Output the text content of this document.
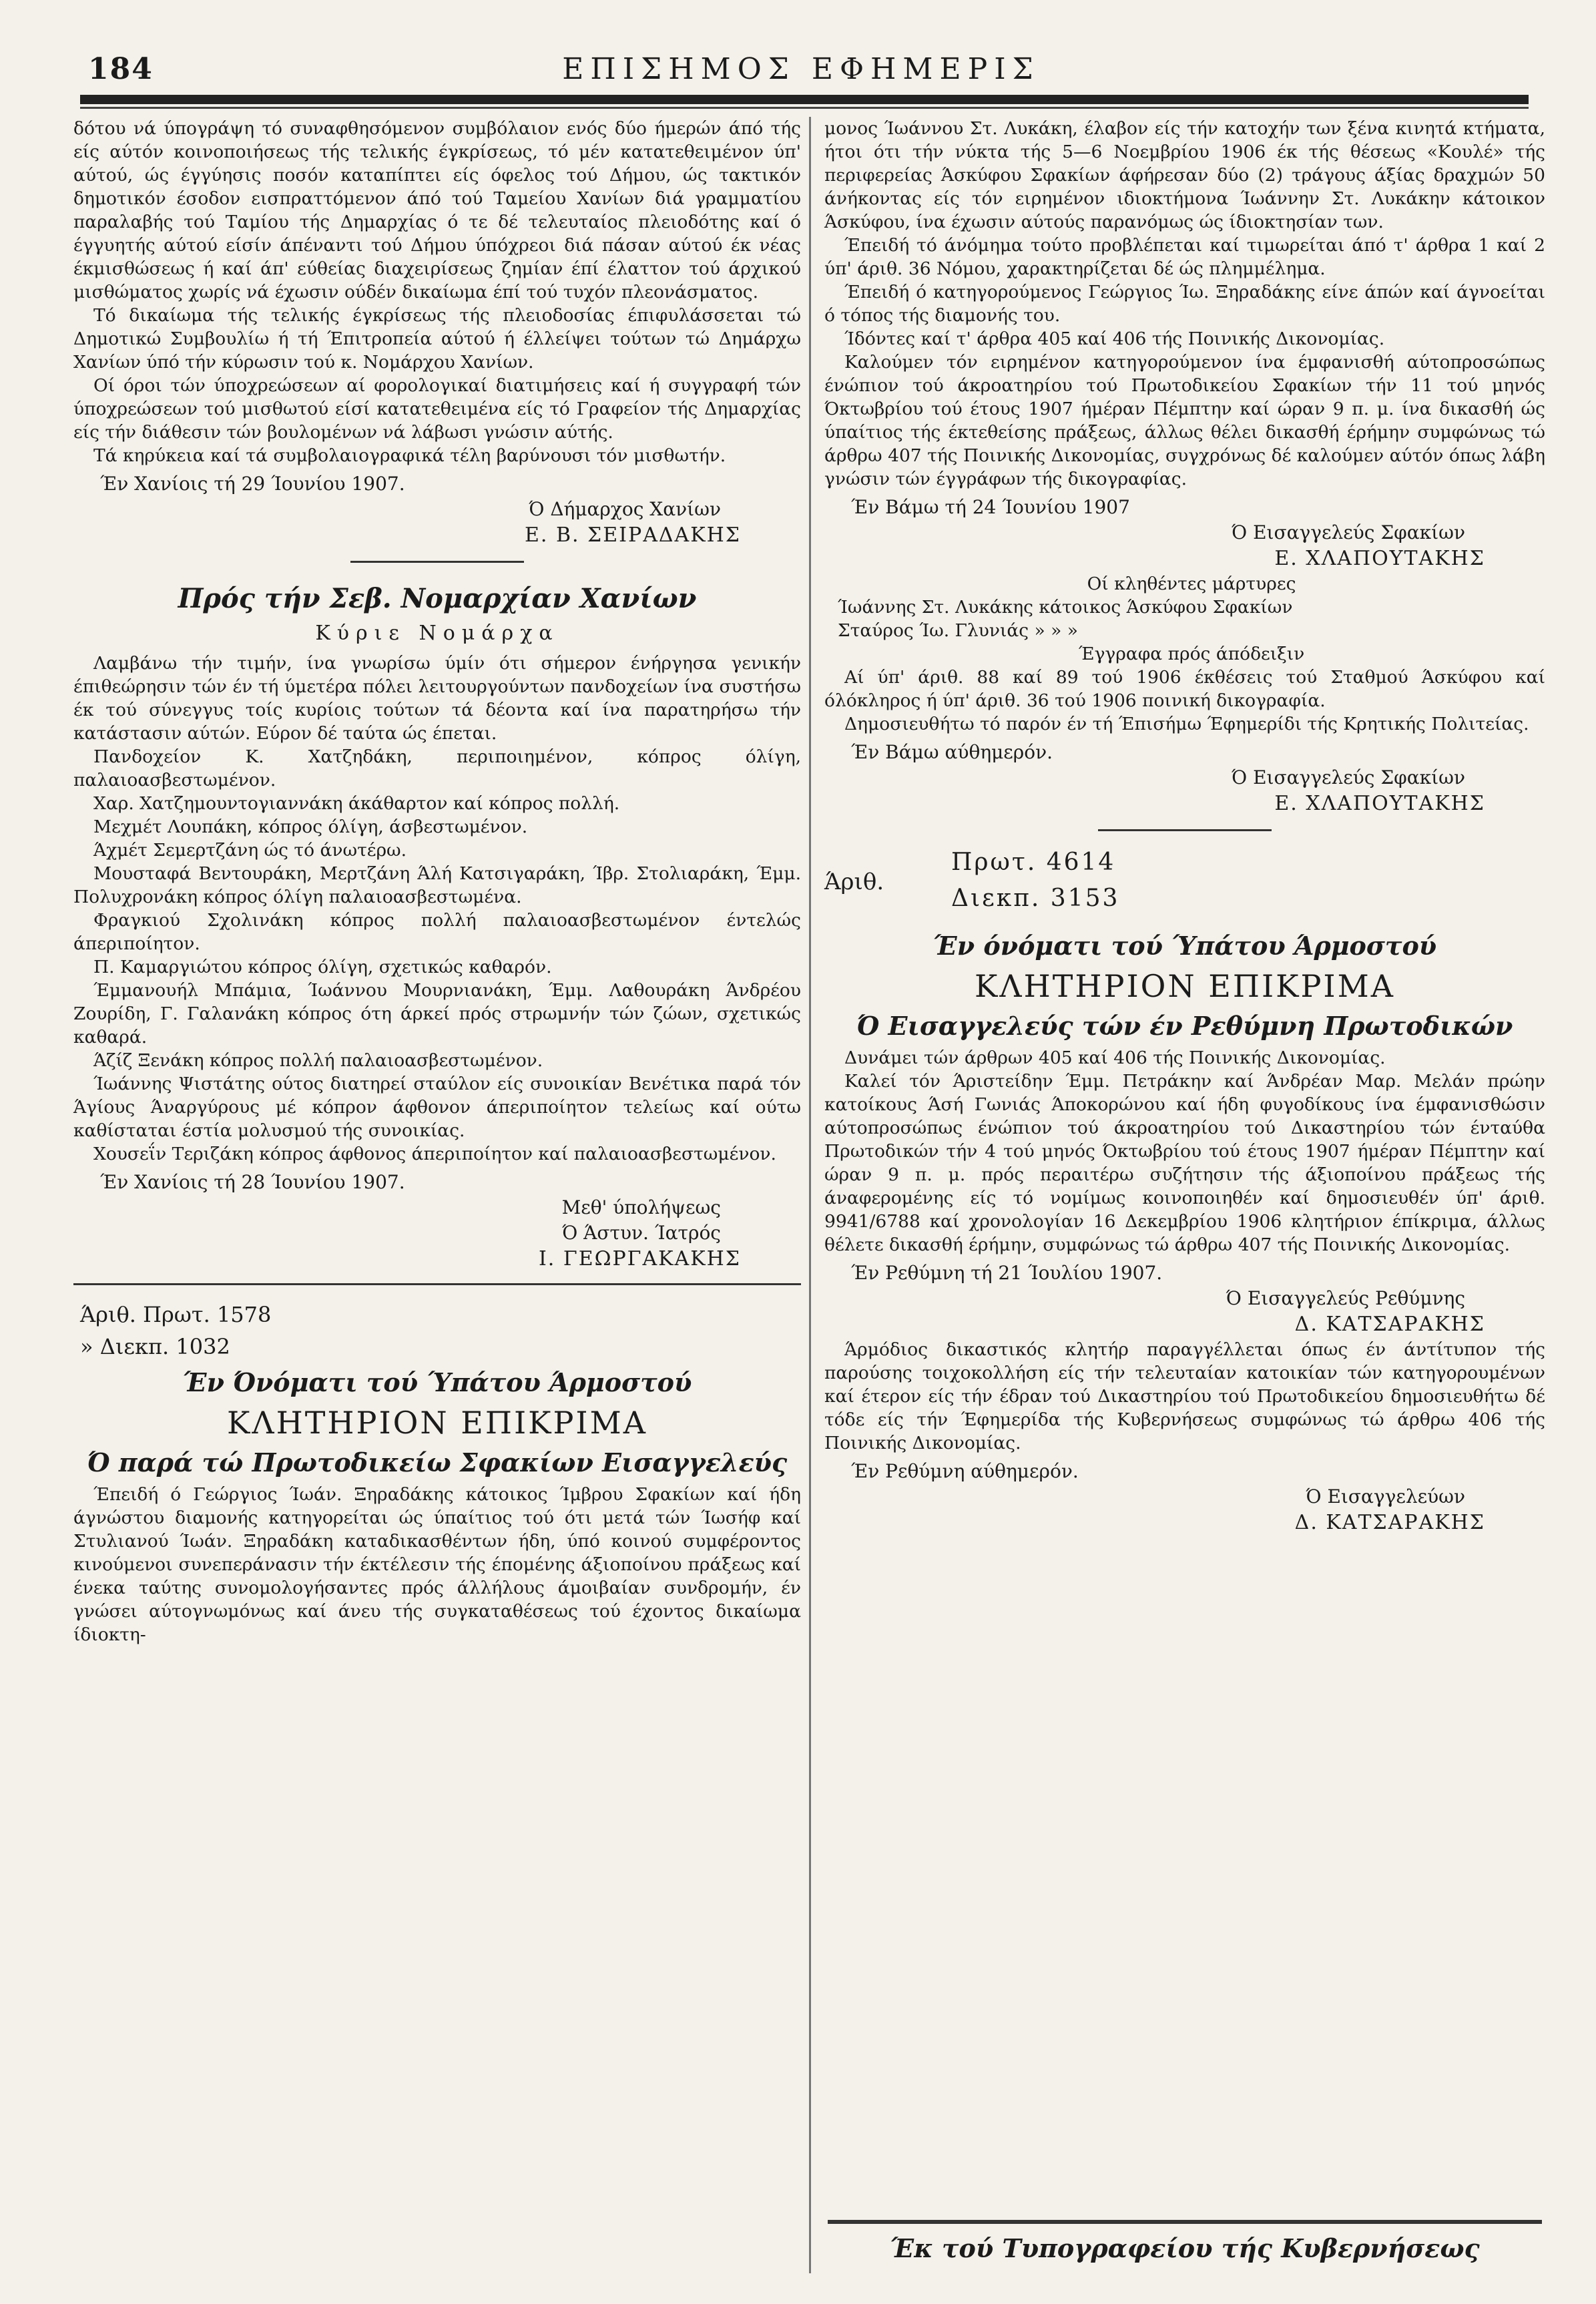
184	ΕΠΙΣΗΜΟΣ ΕΦΗΜΕΡΙΣ

δότου νά ύπογράψη τό συναφθησόμενον συμβόλαιον ενός δύο ήμερών άπό τής είς αύτόν κοινοποιήσεως τής τελικής έγκρίσεως, τό μέν κατατεθειμένον ύπ' αύτού, ώς έγγύησις ποσόν καταπίπτει είς όφελος τού Δήμου, ώς τακτικόν δημοτικόν έσοδον εισπραττόμενον άπό τού Ταμείου Χανίων διά γραμματίου παραλαβής τού Ταμίου τής Δημαρχίας ό τε δέ τελευταίος πλειοδότης καί ό έγγυητής αύτού είσίν άπέναντι τού Δήμου ύπόχρεοι διά πάσαν αύτού έκ νέας έκμισθώσεως ή καί άπ' εύθείας διαχειρίσεως ζημίαν έπί έλαττον τού άρχικού μισθώματος χωρίς νά έχωσιν ούδέν δικαίωμα έπί τού τυχόν πλεονάσματος.

Τό δικαίωμα τής τελικής έγκρίσεως τής πλειοδοσίας έπιφυλάσσεται τώ Δημοτικώ Συμβουλίω ή τή Έπιτροπεία αύτού ή έλλείψει τούτων τώ Δημάρχω Χανίων ύπό τήν κύρωσιν τού κ. Νομάρχου Χανίων.

Οί όροι τών ύποχρεώσεων αί φορολογικαί διατιμήσεις καί ή συγγραφή τών ύποχρεώσεων τού μισθωτού είσί κατατεθειμένα είς τό Γραφείον τής Δημαρχίας είς τήν διάθεσιν τών βουλομένων νά λάβωσι γνώσιν αύτής.

Τά κηρύκεια καί τά συμβολαιογραφικά τέλη βαρύνουσι τόν μισθωτήν.

Έν Χανίοις τή 29 Ίουνίου 1907.
Ό Δήμαρχος Χανίων
Ε. Β. ΣΕΙΡΑΔΑΚΗΣ
Πρός τήν Σεβ. Νομαρχίαν Χανίων
Κύριε Νομάρχα

Λαμβάνω τήν τιμήν, ίνα γνωρίσω ύμίν ότι σήμερον ένήργησα γενικήν έπιθεώρησιν τών έν τή ύμετέρα πόλει λειτουργούντων πανδοχείων ίνα συστήσω έκ τού σύνεγγυς τοίς κυρίοις τούτων τά δέοντα καί ίνα παρατηρήσω τήν κατάστασιν αύτών. Εύρον δέ ταύτα ώς έπεται.

Πανδοχείον Κ. Χατζηδάκη, περιποιημένον, κόπρος όλίγη, παλαιοασβεστωμένον.

Χαρ. Χατζημουντογιαννάκη άκάθαρτον καί κόπρος πολλή.

Μεχμέτ Λουπάκη, κόπρος όλίγη, άσβεστωμένον.

Άχμέτ Σεμερτζάνη ώς τό άνωτέρω.

Μουσταφά Βεντουράκη, Μερτζάνη Άλή Κατσιγαράκη, Ίβρ. Στολιαράκη, Έμμ. Πολυχρονάκη κόπρος όλίγη παλαιοασβεστωμένα.

Φραγκιού Σχολινάκη κόπρος πολλή παλαιοασβεστωμένον έντελώς άπεριποίητον.

Π. Καμαργιώτου κόπρος όλίγη, σχετικώς καθαρόν.

Έμμανουήλ Μπάμια, Ίωάννου Μουρνιανάκη, Έμμ. Λαθουράκη Άνδρέου Ζουρίδη, Γ. Γαλανάκη κόπρος ότη άρκεί πρός στρωμνήν τών ζώων, σχετικώς καθαρά.

Άζίζ Ξενάκη κόπρος πολλή παλαιοασβεστωμένον.

Ίωάννης Ψιστάτης ούτος διατηρεί σταύλον είς συνοικίαν Βενέτικα παρά τόν Άγίους Άναργύρους μέ κόπρον άφθονον άπεριποίητον τελείως καί ούτω καθίσταται έστία μολυσμού τής συνοικίας.

Χουσεΐν Τεριζάκη κόπρος άφθονος άπεριποίητον καί παλαιοασβεστωμένον.

Έν Χανίοις τή 28 Ίουνίου 1907.
Μεθ' ύπολήψεως
Ό Άστυν. Ίατρός
Ι. ΓΕΩΡΓΑΚΑΚΗΣ
Άριθ. Πρωτ. 1578
» Διεκπ. 1032
Έν Όνόματι τού Ύπάτου Άρμοστού
ΚΛΗΤΗΡΙΟΝ ΕΠΙΚΡΙΜΑ
Ό παρά τώ Πρωτοδικείω Σφακίων Εισαγγελεύς

Έπειδή ό Γεώργιος Ίωάν. Ξηραδάκης κάτοικος Ίμβρου Σφακίων καί ήδη άγνώστου διαμονής κατηγορείται ώς ύπαίτιος τού ότι μετά τών Ίωσήφ καί Στυλιανού Ίωάν. Ξηραδάκη καταδικασθέντων ήδη, ύπό κοινού συμφέροντος κινούμενοι συνεπεράνασιν τήν έκτέλεσιν τής έπομένης άξιοποίνου πράξεως καί ένεκα ταύτης συνομολογήσαντες πρός άλλήλους άμοιβαίαν συνδρομήν, έν γνώσει αύτογνωμόνως καί άνευ τής συγκαταθέσεως τού έχοντος δικαίωμα ίδιοκτη-

μονος Ίωάννου Στ. Λυκάκη, έλαβον είς τήν κατοχήν των ξένα κινητά κτήματα, ήτοι ότι τήν νύκτα τής 5—6 Νοεμβρίου 1906 έκ τής θέσεως «Κουλέ» τής περιφερείας Άσκύφου Σφακίων άφήρεσαν δύο (2) τράγους άξίας δραχμών 50 άνήκοντας είς τόν ειρημένον ιδιοκτήμονα Ίωάννην Στ. Λυκάκην κάτοικον Άσκύφου, ίνα έχωσιν αύτούς παρανόμως ώς ίδιοκτησίαν των.

Έπειδή τό άνόμημα τούτο προβλέπεται καί τιμωρείται άπό τ' άρθρα 1 καί 2 ύπ' άριθ. 36 Νόμου, χαρακτηρίζεται δέ ώς πλημμέλημα.

Έπειδή ό κατηγορούμενος Γεώργιος Ίω. Ξηραδάκης είνε άπών καί άγνοείται ό τόπος τής διαμονής του.

Ίδόντες καί τ' άρθρα 405 καί 406 τής Ποινικής Δικονομίας.

Καλούμεν τόν ειρημένον κατηγορούμενον ίνα έμφανισθή αύτοπροσώπως ένώπιον τού άκροατηρίου τού Πρωτοδικείου Σφακίων τήν 11 τού μηνός Όκτωβρίου τού έτους 1907 ήμέραν Πέμπτην καί ώραν 9 π. μ. ίνα δικασθή ώς ύπαίτιος τής έκτεθείσης πράξεως, άλλως θέλει δικασθή έρήμην συμφώνως τώ άρθρω 407 τής Ποινικής Δικονομίας, συγχρόνως δέ καλούμεν αύτόν όπως λάβη γνώσιν τών έγγράφων τής δικογραφίας.

Έν Βάμω τή 24 Ίουνίου 1907
Ό Εισαγγελεύς Σφακίων
Ε. ΧΛΑΠΟΥΤΑΚΗΣ
Οί κληθέντες μάρτυρες
Ίωάννης Στ. Λυκάκης κάτοικος Άσκύφου Σφακίων
Σταύρος Ίω. Γλυνιάς » » »
Έγγραφα πρός άπόδειξιν

Αί ύπ' άριθ. 88 καί 89 τού 1906 έκθέσεις τού Σταθμού Άσκύφου καί όλόκληρος ή ύπ' άριθ. 36 τού 1906 ποινική δικογραφία.

Δημοσιευθήτω τό παρόν έν τή Έπισήμω Έφημερίδι τής Κρητικής Πολιτείας.

Έν Βάμω αύθημερόν.
Ό Εισαγγελεύς Σφακίων
Ε. ΧΛΑΠΟΥΤΑΚΗΣ
Άριθ.
Πρωτ. 4614
Διεκπ. 3153
Έν όνόματι τού Ύπάτου Άρμοστού
ΚΛΗΤΗΡΙΟΝ ΕΠΙΚΡΙΜΑ
Ό Εισαγγελεύς τών έν Ρεθύμνη Πρωτοδικών

Δυνάμει τών άρθρων 405 καί 406 τής Ποινικής Δικονομίας.

Καλεί τόν Άριστείδην Έμμ. Πετράκην καί Άνδρέαν Μαρ. Μελάν πρώην κατοίκους Άσή Γωνιάς Άποκορώνου καί ήδη φυγοδίκους ίνα έμφανισθώσιν αύτοπροσώπως ένώπιον τού άκροατηρίου τού Δικαστηρίου τών ένταύθα Πρωτοδικών τήν 4 τού μηνός Όκτωβρίου τού έτους 1907 ήμέραν Πέμπτην καί ώραν 9 π. μ. πρός περαιτέρω συζήτησιν τής άξιοποίνου πράξεως τής άναφερομένης είς τό νομίμως κοινοποιηθέν καί δημοσιευθέν ύπ' άριθ. 9941/6788 καί χρονολογίαν 16 Δεκεμβρίου 1906 κλητήριον έπίκριμα, άλλως θέλετε δικασθή έρήμην, συμφώνως τώ άρθρω 407 τής Ποινικής Δικονομίας.

Έν Ρεθύμνη τή 21 Ίουλίου 1907.
Ό Εισαγγελεύς Ρεθύμνης
Δ. ΚΑΤΣΑΡΑΚΗΣ

Άρμόδιος δικαστικός κλητήρ παραγγέλλεται όπως έν άντίτυπον τής παρούσης τοιχοκολλήση είς τήν τελευταίαν κατοικίαν τών κατηγορουμένων καί έτερον είς τήν έδραν τού Δικαστηρίου τού Πρωτοδικείου δημοσιευθήτω δέ τόδε είς τήν Έφημερίδα τής Κυβερνήσεως συμφώνως τώ άρθρω 406 τής Ποινικής Δικονομίας.

Έν Ρεθύμνη αύθημερόν.
Ό Εισαγγελεύων
Δ. ΚΑΤΣΑΡΑΚΗΣ
Έκ τού Τυπογραφείου τής Κυβερνήσεως
